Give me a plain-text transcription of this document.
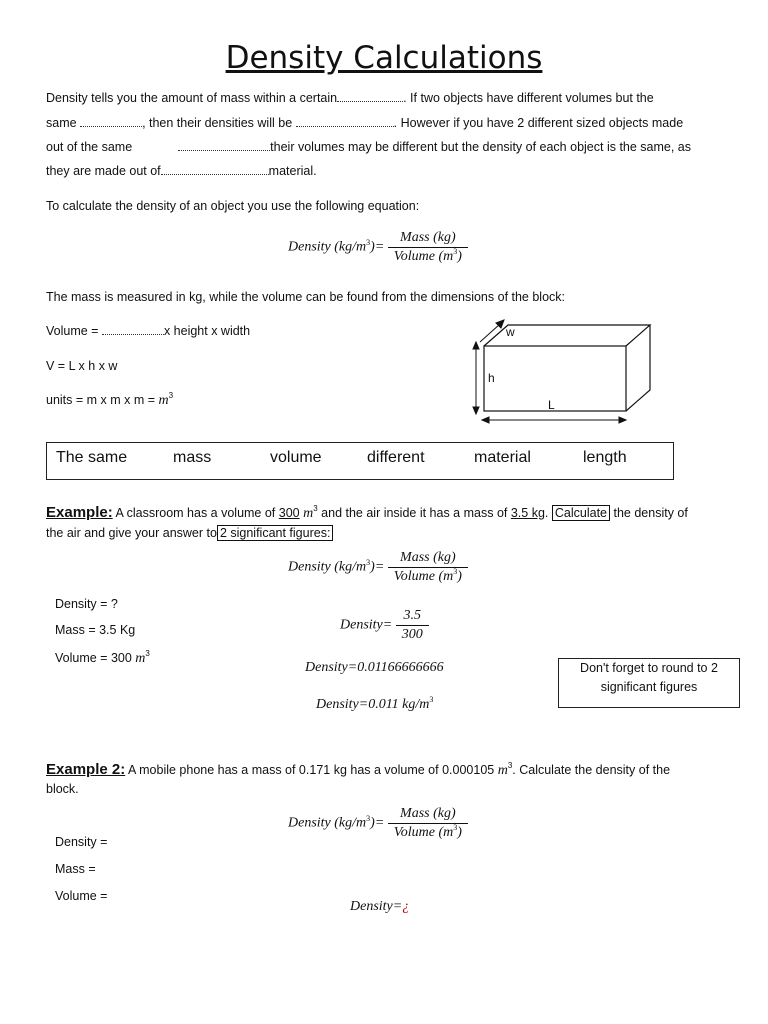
Density Calculations
Density tells you the amount of mass within a certain	. If two objects have different volumes but the
same	, then their densities will be	. However if you have 2 different sized objects made
out of the same	their volumes may be different but the density of each object is the same, as
they are made out of	material.
To calculate the density of an object you use the following equation:
Density $(kg/m^3)= \frac{\text{Mass (kg)}}{Volume (m^3)}$
The mass is measured in kg, while the volume can be found from the dimensions of the block:
Volume =	x height x width
V = L x h x w
units = m x m x $m = m^3$
w
h
L
The same	mass	volume	different	material	length
Example: A classroom has a volume of 300 $m^3$ and the air inside it has a mass of 3.5 kg. Calculate the density of
the air and give your answer to 2 significant figures:
Density $(kg/m^3)= \frac{\text{Mass (kg)}}{Volume (m^3)}$
Density = ?
Mass = 3.5 Kg
Volume = 300 $m^3$
Density= $\frac{3.5}{300}$
Density=0.01166666666
Density=0.011 $kg/m^3$
Don't forget to round to 2 significant figures
Example 2: A mobile phone has a mass of 0.171 kg has a volume of 0.000105 $m^3$. Calculate the density of the
block.
Density $(kg/m^3)= \frac{\text{Mass (kg)}}{Volume (m^3)}$
Density =
Mass =
Volume =
Density=¿
